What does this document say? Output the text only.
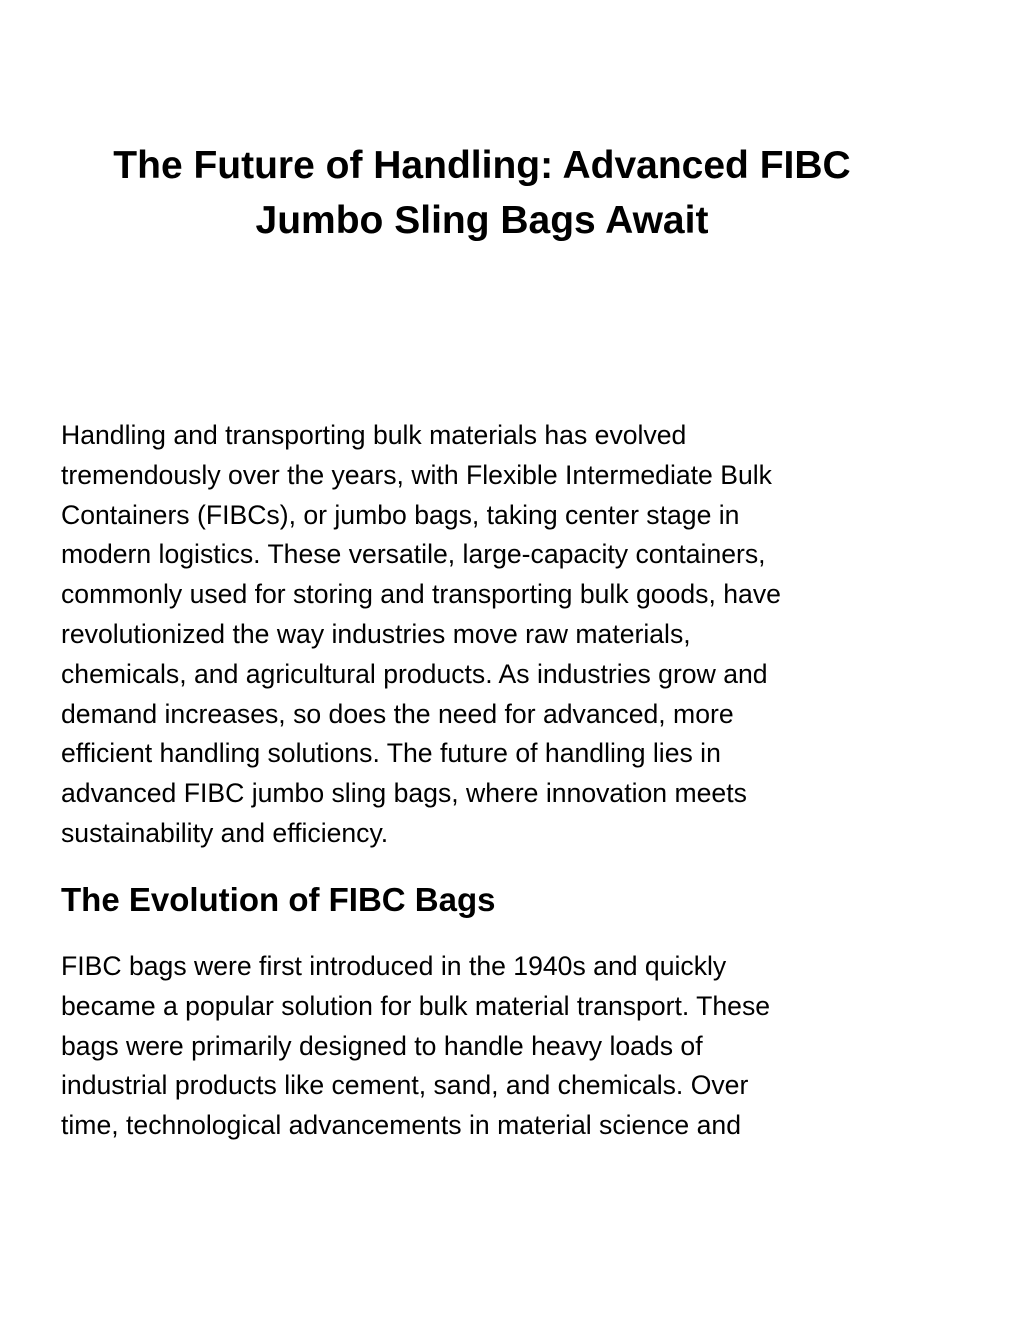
The Future of Handling: Advanced FIBC
Jumbo Sling Bags Await

Handling and transporting bulk materials has evolved
tremendously over the years, with Flexible Intermediate Bulk
Containers (FIBCs), or jumbo bags, taking center stage in
modern logistics. These versatile, large-capacity containers,
commonly used for storing and transporting bulk goods, have
revolutionized the way industries move raw materials,
chemicals, and agricultural products. As industries grow and
demand increases, so does the need for advanced, more
efficient handling solutions. The future of handling lies in
advanced FIBC jumbo sling bags, where innovation meets
sustainability and efficiency.

The Evolution of FIBC Bags

FIBC bags were first introduced in the 1940s and quickly
became a popular solution for bulk material transport. These
bags were primarily designed to handle heavy loads of
industrial products like cement, sand, and chemicals. Over
time, technological advancements in material science and
